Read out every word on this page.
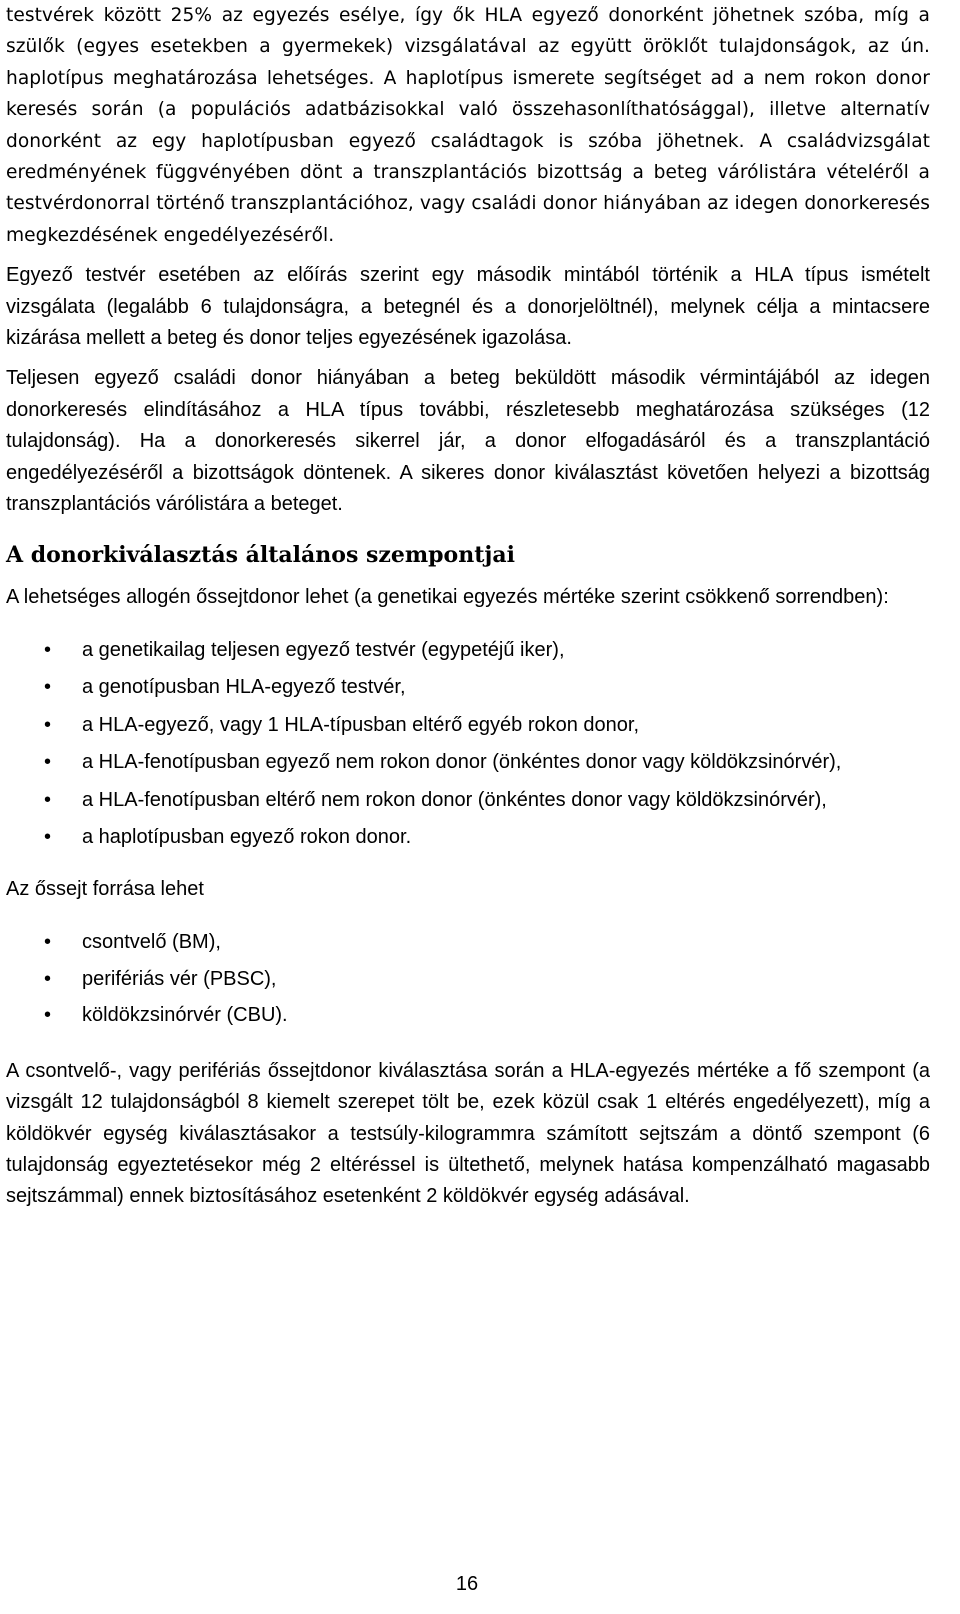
testvérek között 25% az egyezés esélye, így ők HLA egyező donorként jöhetnek szóba, míg a szülők (egyes esetekben a gyermekek) vizsgálatával az együtt öröklőt tulajdonságok, az ún. haplotípus meghatározása lehetséges. A haplotípus ismerete segítséget ad a nem rokon donor keresés során (a populációs adatbázisokkal való összehasonlíthatósággal), illetve alternatív donorként az egy haplotípusban egyező családtagok is szóba jöhetnek. A családvizsgálat eredményének függvényében dönt a transzplantációs bizottság a beteg várólistára vételéről a testvérdonorral történő transzplantációhoz, vagy családi donor hiányában az idegen donorkeresés megkezdésének engedélyezéséről.

Egyező testvér esetében az előírás szerint egy második mintából történik a HLA típus ismételt vizsgálata (legalább 6 tulajdonságra, a betegnél és a donorjelöltnél), melynek célja a mintacsere kizárása mellett a beteg és donor teljes egyezésének igazolása.

Teljesen egyező családi donor hiányában a beteg beküldött második vérmintájából az idegen donorkeresés elindításához a HLA típus további, részletesebb meghatározása szükséges (12 tulajdonság). Ha a donorkeresés sikerrel jár, a donor elfogadásáról és a transzplantáció engedélyezéséről a bizottságok döntenek. A sikeres donor kiválasztást követően helyezi a bizottság transzplantációs várólistára a beteget.

A donorkiválasztás általános szempontjai

A lehetséges allogén őssejtdonor lehet (a genetikai egyezés mértéke szerint csökkenő sorrendben):

•	a genetikailag teljesen egyező testvér (egypetéjű iker),
•	a genotípusban HLA-egyező testvér,
•	a HLA-egyező, vagy 1 HLA-típusban eltérő egyéb rokon donor,
•	a HLA-fenotípusban egyező nem rokon donor (önkéntes donor vagy köldökzsinórvér),
•	a HLA-fenotípusban eltérő nem rokon donor (önkéntes donor vagy köldökzsinórvér),
•	a haplotípusban egyező rokon donor.

Az őssejt forrása lehet

•	csontvelő (BM),
•	perifériás vér (PBSC),
•	köldökzsinórvér (CBU).

A csontvelő-, vagy perifériás őssejtdonor kiválasztása során a HLA-egyezés mértéke a fő szempont (a vizsgált 12 tulajdonságból 8 kiemelt szerepet tölt be, ezek közül csak 1 eltérés engedélyezett), míg a köldökvér egység kiválasztásakor a testsúly-kilogrammra számított sejtszám a döntő szempont (6 tulajdonság egyeztetésekor még 2 eltéréssel is ültethető, melynek hatása kompenzálható magasabb sejtszámmal) ennek biztosításához esetenként 2 köldökvér egység adásával.

16
